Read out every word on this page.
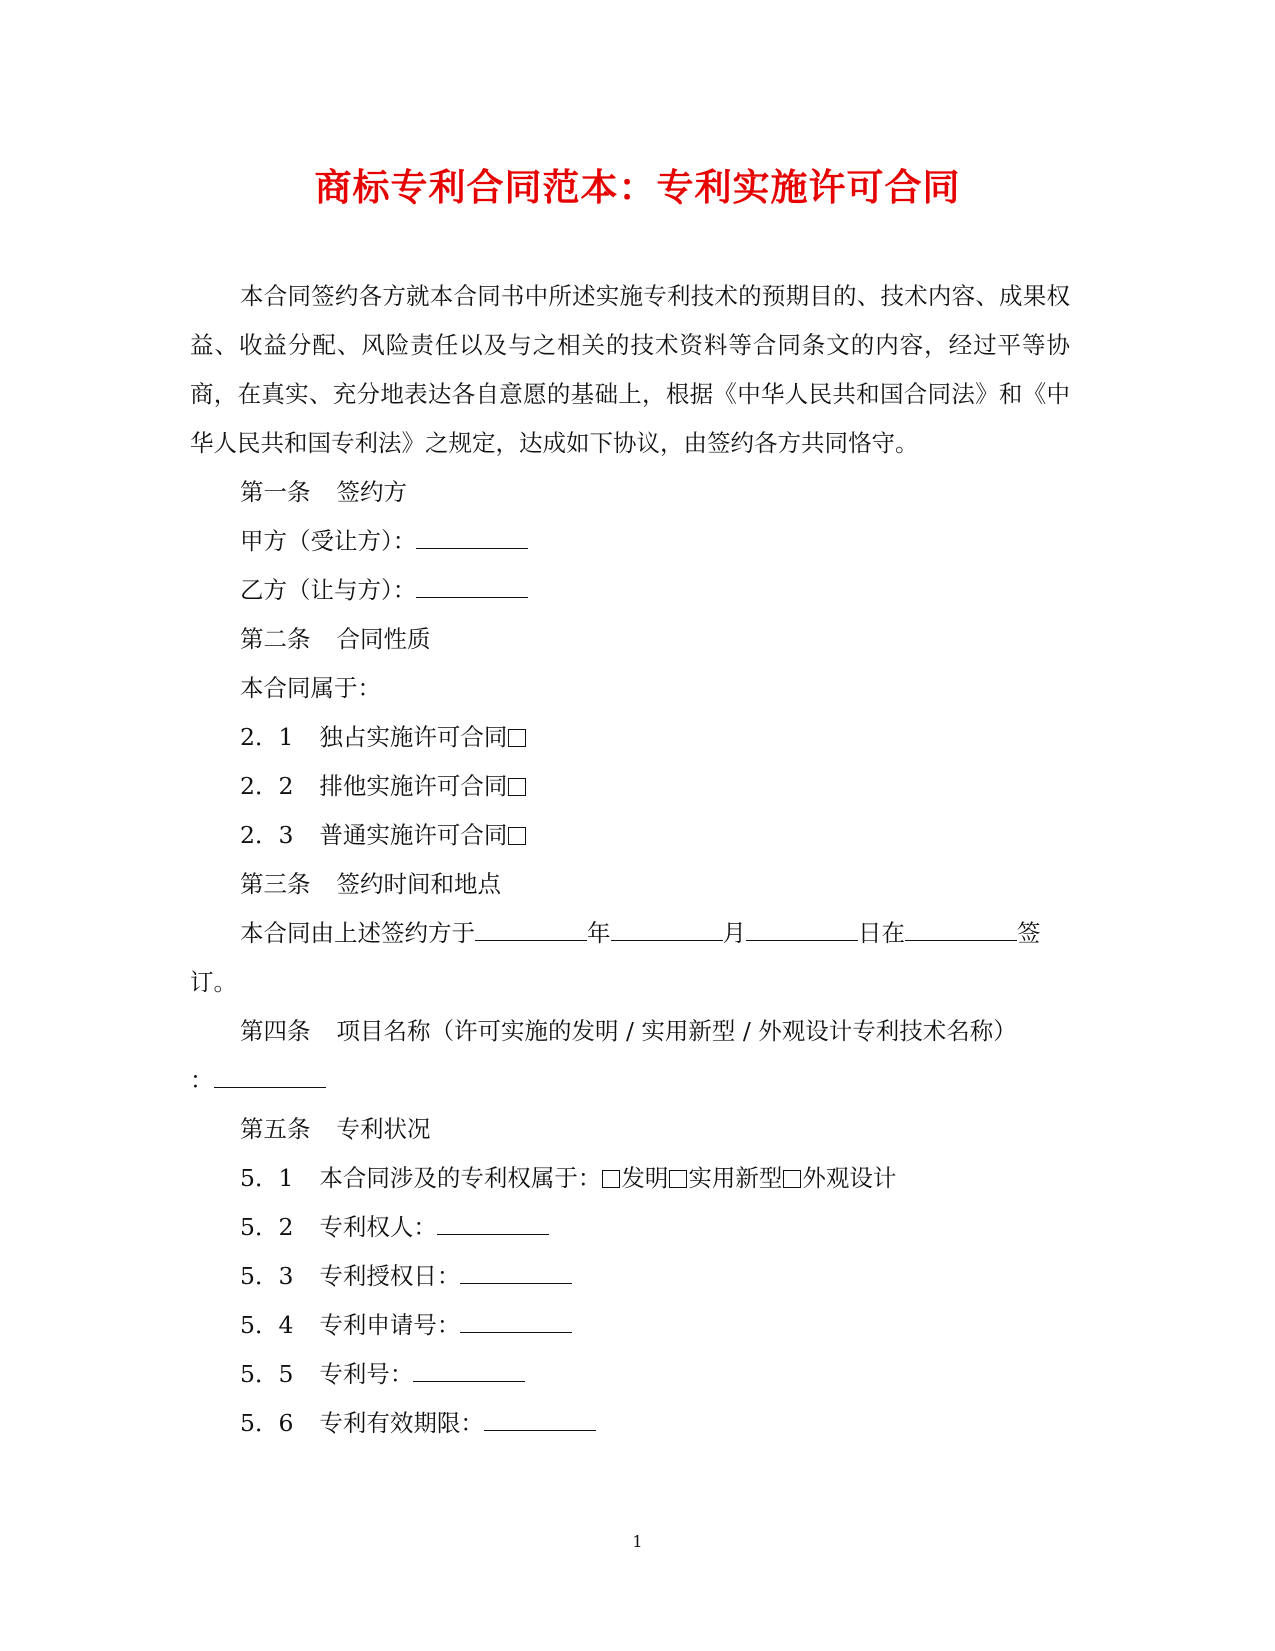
商标专利合同范本：专利实施许可合同

本合同签约各方就本合同书中所述实施专利技术的预期目的、技术内容、成果权益、收益分配、风险责任以及与之相关的技术资料等合同条文的内容，经过平等协商，在真实、充分地表达各自意愿的基础上，根据《中华人民共和国合同法》和《中华人民共和国专利法》之规定，达成如下协议，由签约各方共同恪守。

第一条 签约方
甲方（受让方）：
乙方（让与方）：
第二条 合同性质
本合同属于：
2．1 独占实施许可合同
2．2 排他实施许可合同
2．3 普通实施许可合同
第三条 签约时间和地点
本合同由上述签约方于	年	月	日在	签
订。
第四条 项目名称（许可实施的发明 / 实用新型 / 外观设计专利技术名称）
：
第五条 专利状况
5．1 本合同涉及的专利权属于： 发明 实用新型 外观设计
5．2 专利权人：
5．3 专利授权日：
5．4 专利申请号：
5．5 专利号：
5．6 专利有效期限：
1
